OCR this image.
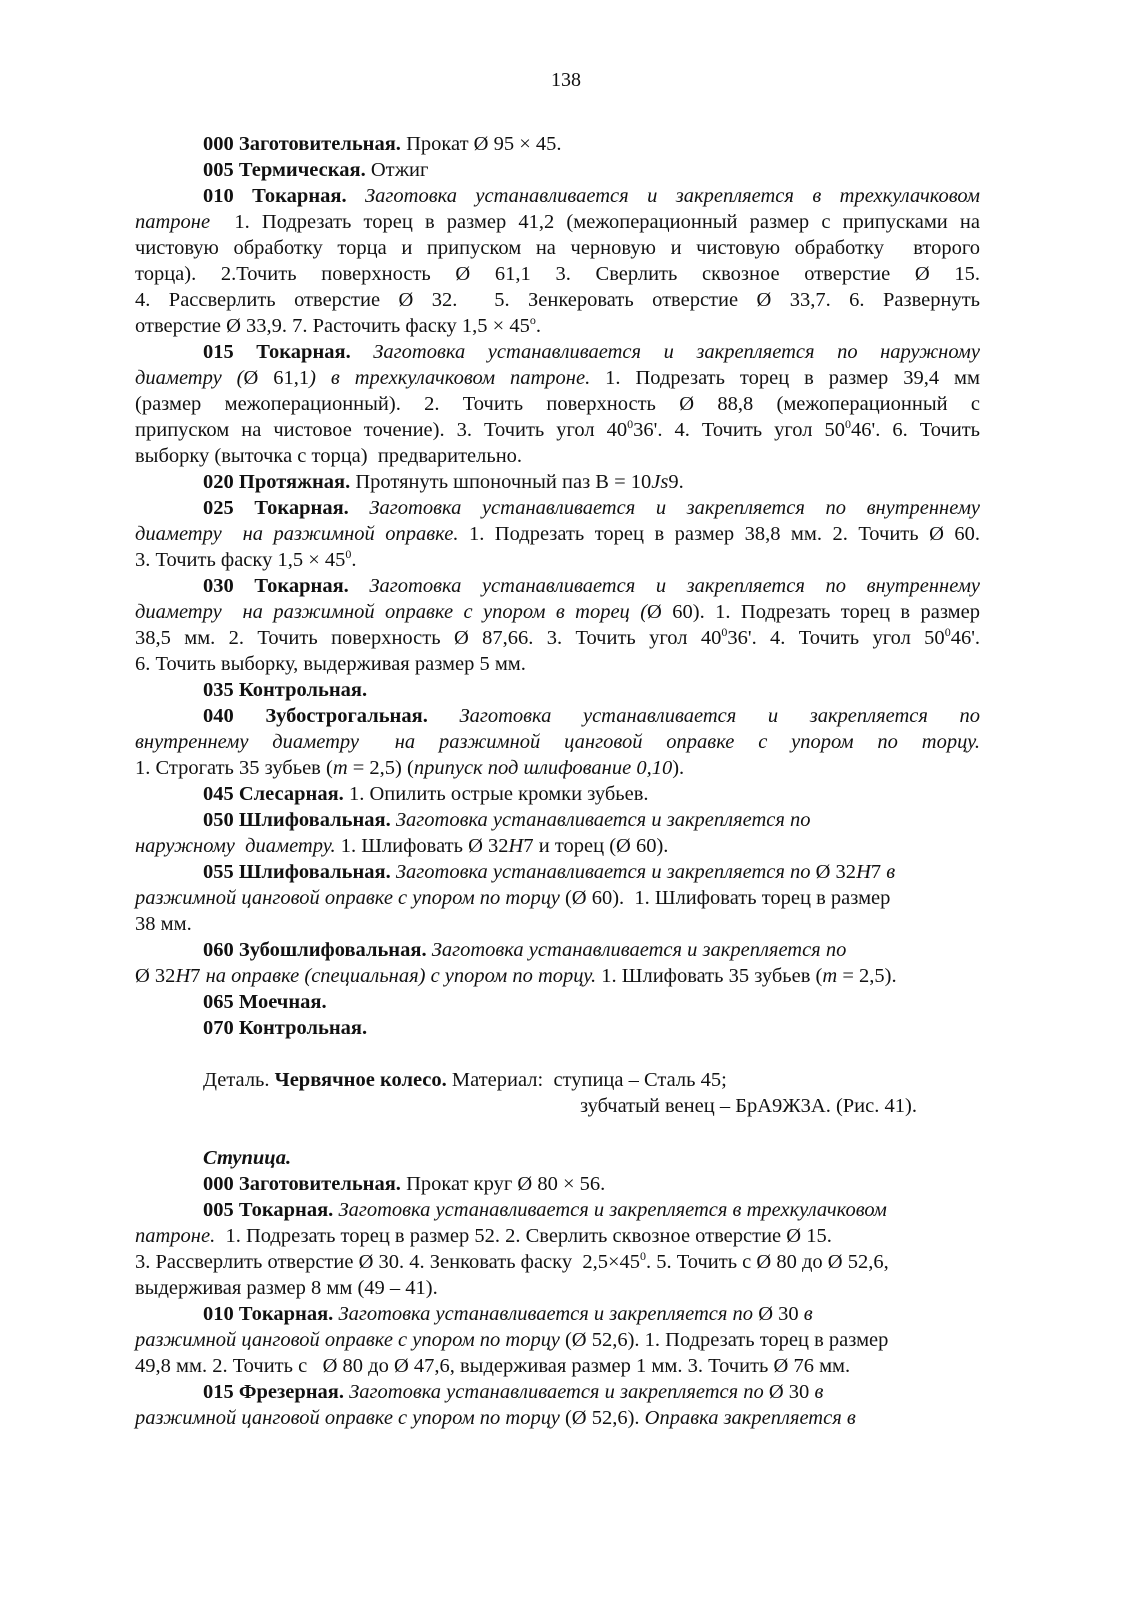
138
000 Заготовительная. Прокат Ø 95 × 45.
005 Термическая. Отжиг
010 Токарная. Заготовка устанавливается и закрепляется в трехкулачковом
патроне  1. Подрезать торец в размер 41,2 (межоперационный размер с припусками на
чистовую обработку торца и припуском на черновую и чистовую обработку  второго
торца).  2.Точить  поверхность  Ø  61,1  3.  Сверлить  сквозное  отверстие  Ø  15.
4.  Рассверлить  отверстие  Ø  32.    5.  Зенкеровать  отверстие  Ø  33,7.  6.  Развернуть
отверстие Ø 33,9. 7. Расточить фаску $1,5 \times 45^о$.
015 Токарная. Заготовка устанавливается и закрепляется по наружному
диаметру (Ø 61,1) в трехкулачковом патроне. 1. Подрезать торец в размер 39,4 мм
(размер  межоперационный).  2.  Точить  поверхность  Ø  88,8  (межоперационный  с
припуском на чистовое точение). 3. Точить угол $40^036'$. 4. Точить угол $50^046'$. 6. Точить
выборку (выточка с торца)  предварительно.
020 Протяжная. Протянуть шпоночный паз B = 10Js9.
025 Токарная. Заготовка устанавливается и закрепляется по внутреннему
диаметру  на разжимной оправке. 1. Подрезать торец в размер 38,8 мм. 2. Точить Ø 60.
3. Точить фаску $1,5 \times 45^0$.
030 Токарная. Заготовка устанавливается и закрепляется по внутреннему
диаметру  на разжимной оправке с упором в торец (Ø 60). 1. Подрезать торец в размер
38,5 мм. 2. Точить поверхность Ø 87,66. 3. Точить угол $40^036'$. 4. Точить угол $50^046'$.
6. Точить выборку, выдерживая размер 5 мм.
035 Контрольная.
040  Зубострогальная.  Заготовка  устанавливается  и  закрепляется  по
внутреннему  диаметру   на  разжимной  цанговой  оправке  с  упором  по  торцу.
1. Строгать 35 зубьев (m = 2,5) (припуск под шлифование 0,10).
045 Слесарная. 1. Опилить острые кромки зубьев.
050 Шлифовальная. Заготовка устанавливается и закрепляется по
наружному  диаметру. 1. Шлифовать Ø 32H7 и торец (Ø 60).
055 Шлифовальная. Заготовка устанавливается и закрепляется по Ø 32H7 в
разжимной цанговой оправке с упором по торцу (Ø 60).  1. Шлифовать торец в размер
38 мм.
060 Зубошлифовальная. Заготовка устанавливается и закрепляется по
Ø 32H7 на оправке (специальная) с упором по торцу. 1. Шлифовать 35 зубьев (m = 2,5).
065 Моечная.
070 Контрольная.
Деталь. Червячное колесо. Материал:  ступица – Сталь 45;
зубчатый венец – БрА9Ж3А. (Рис. 41).
Ступица.
000 Заготовительная. Прокат круг Ø 80 × 56.
005 Токарная. Заготовка устанавливается и закрепляется в трехкулачковом
патроне.  1. Подрезать торец в размер 52. 2. Сверлить сквозное отверстие Ø 15.
3. Рассверлить отверстие Ø 30. 4. Зенковать фаску  $2,5\times 45^0$. 5. Точить с Ø 80 до Ø 52,6,
выдерживая размер 8 мм (49 – 41).
010 Токарная. Заготовка устанавливается и закрепляется по Ø 30 в
разжимной цанговой оправке с упором по торцу (Ø 52,6). 1. Подрезать торец в размер
49,8 мм. 2. Точить с   Ø 80 до Ø 47,6, выдерживая размер 1 мм. 3. Точить Ø 76 мм.
015 Фрезерная. Заготовка устанавливается и закрепляется по Ø 30 в
разжимной цанговой оправке с упором по торцу (Ø 52,6). Оправка закрепляется в
